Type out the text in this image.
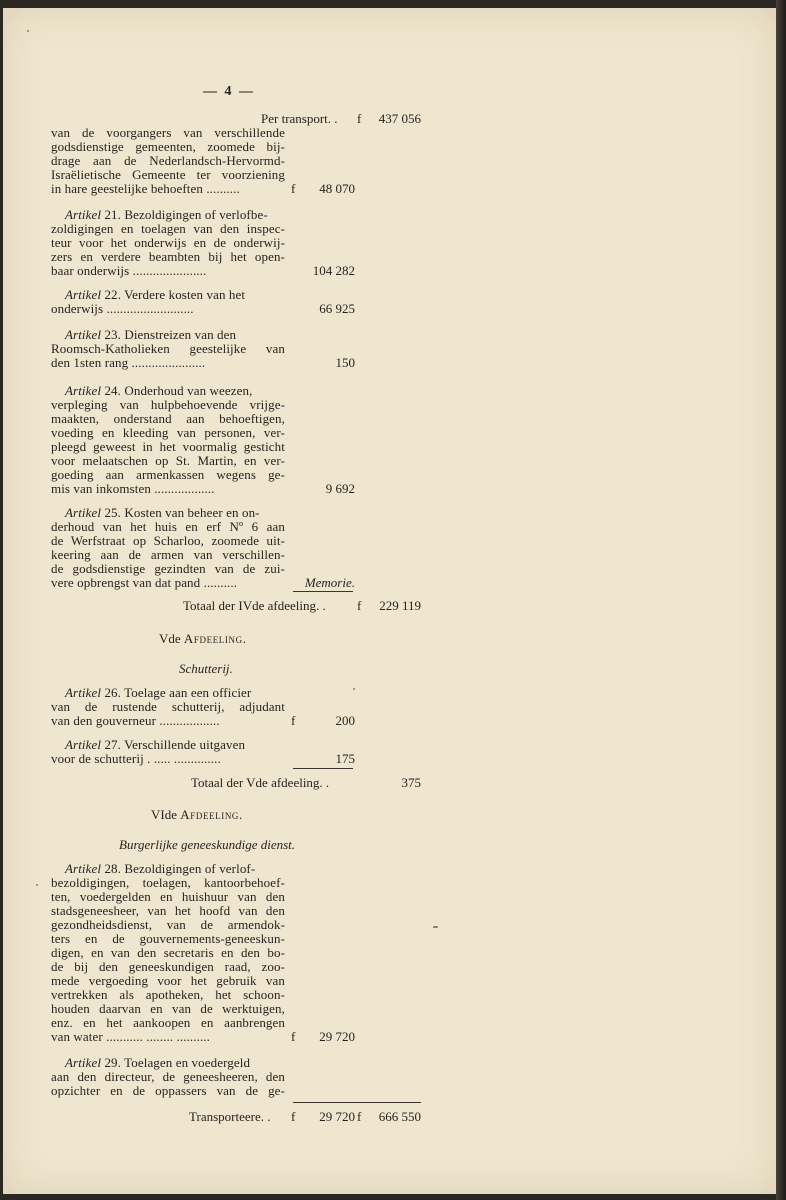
— 4 —
Per transport. . f	437 056
van de voorgangers van verschillende
godsdienstige gemeenten, zoomede bij-
drage aan de Nederlandsch-Hervormd-
Israëlietische Gemeente ter voorziening
in hare geestelijke behoeften ..........	f	48 070
Artikel 21. Bezoldigingen of verlofbe-
zoldigingen en toelagen van den inspec-
teur voor het onderwijs en de onderwij-
zers en verdere beambten bij het open-
baar onderwijs ......................	104 282
Artikel 22. Verdere kosten van het
onderwijs ..........................	66 925
Artikel 23. Dienstreizen van den
Roomsch-Katholieken geestelijke van
den 1sten rang ......................	150
Artikel 24. Onderhoud van weezen,
verpleging van hulpbehoevende vrijge-
maakten, onderstand aan behoeftigen,
voeding en kleeding van personen, ver-
pleegd geweest in het voormalig gesticht
voor melaatschen op St. Martin, en ver-
goeding aan armenkassen wegens ge-
mis van inkomsten ..................	9 692
Artikel 25. Kosten van beheer en on-
derhoud van het huis en erf Nº 6 aan
de Werfstraat op Scharloo, zoomede uit-
keering aan de armen van verschillen-
de godsdienstige gezindten van de zui-
vere opbrengst van dat pand ..........	Memorie.
Totaal der IVde afdeeling. . f	229 119
Vde Afdeeling.
Schutterij.
Artikel 26. Toelage aan een officier
van de rustende schutterij, adjudant
van den gouverneur ..................	f	200
Artikel 27. Verschillende uitgaven
voor de schutterij . ..... ..............	175
Totaal der Vde afdeeling. .	375
VIde Afdeeling.
Burgerlijke geneeskundige dienst.
Artikel 28. Bezoldigingen of verlof-
bezoldigingen, toelagen, kantoorbehoef-
ten, voedergelden en huishuur van den
stadsgeneesheer, van het hoofd van den
gezondheidsdienst, van de armendok-
ters en de gouvernements-geneeskun-
digen, en van den secretaris en den bo-
de bij den geneeskundigen raad, zoo-
mede vergoeding voor het gebruik van
vertrekken als apotheken, het schoon-
houden daarvan en van de werktuigen,
enz. en het aankoopen en aanbrengen
van water ........... ........ ..........	f	29 720
Artikel 29. Toelagen en voedergeld
aan den directeur, de geneesheeren, den
opzichter en de oppassers van de ge-
Transporteere. . f	29 720 f	666 550
